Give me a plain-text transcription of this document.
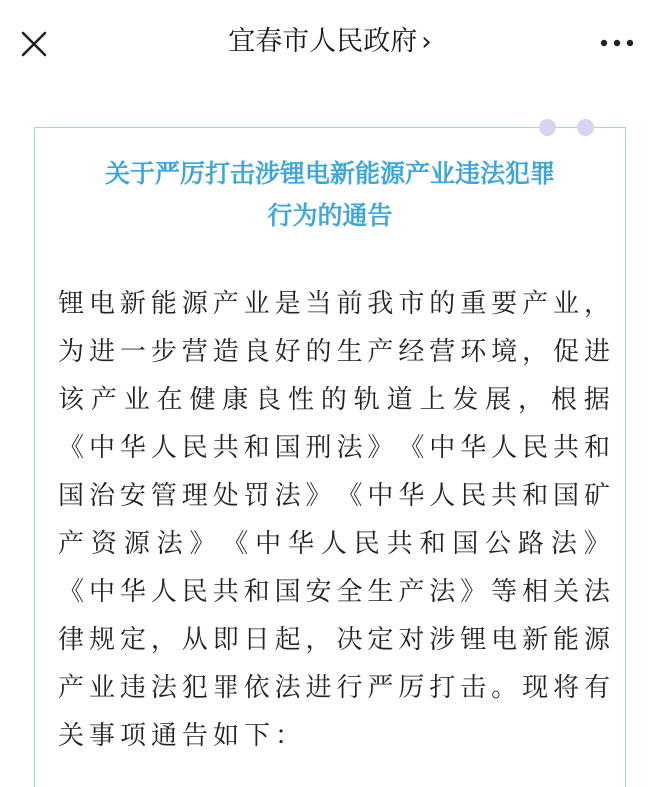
宜春市人民政府 ›
关于严厉打击涉锂电新能源产业违法犯罪
行为的通告
锂 电 新 能 源 产 业 是 当 前 我 市 的 重 要 产 业 ，
为 进 一 步 营 造 良 好 的 生 产 经 营 环 境 ， 促 进
该 产 业 在 健 康 良 性 的 轨 道 上 发 展 ， 根 据
《 中 华 人 民 共 和 国 刑 法 》 《 中 华 人 民 共 和
国 治 安 管 理 处 罚 法 》 《 中 华 人 民 共 和 国 矿
产 资 源 法 》 《 中 华 人 民 共 和 国 公 路 法 》
《 中 华 人 民 共 和 国 安 全 生 产 法 》 等 相 关 法
律 规 定 ， 从 即 日 起 ， 决 定 对 涉 锂 电 新 能 源
产 业 违 法 犯 罪 依 法 进 行 严 厉 打 击 。 现 将 有
关事项通告如下：
